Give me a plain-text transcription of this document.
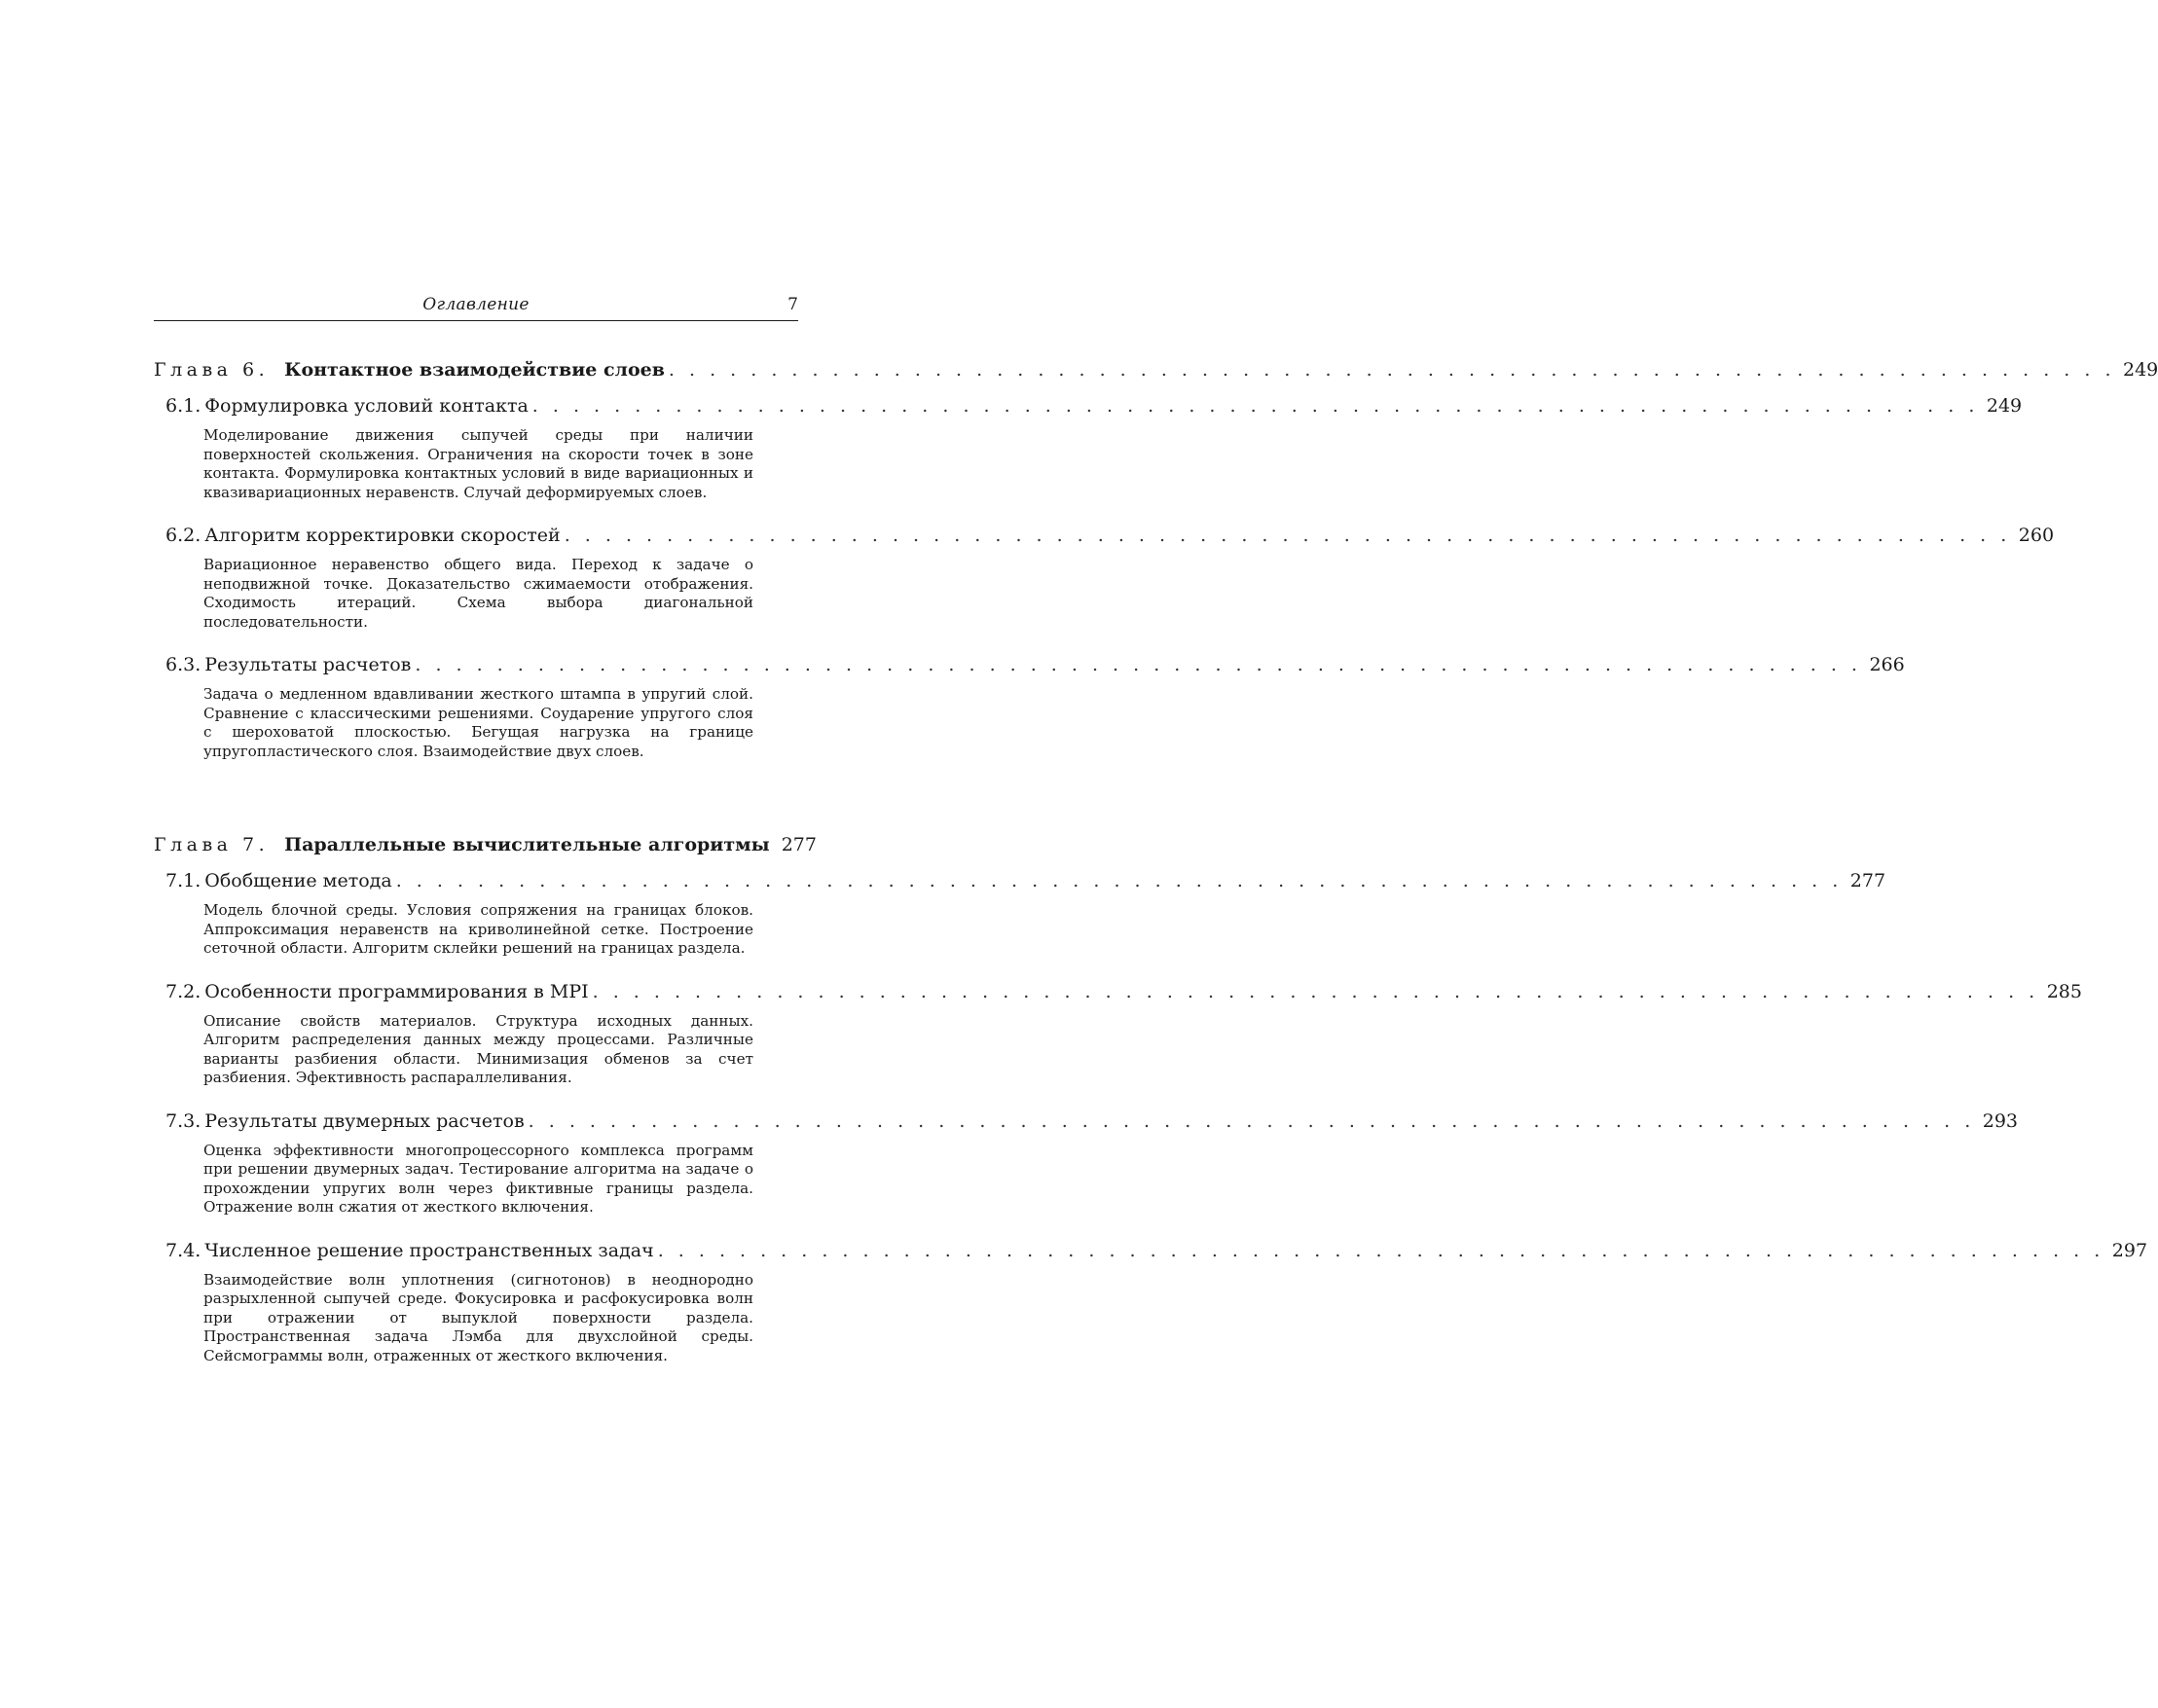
Оглавление	7
Глава 6. Контактное взаимодействие слоев . . . . . . . . . . . . . . . . . . . . . . . . . . . . . . . . . . . . . . . . . . . . . . . . . . . . . . . . . . . . . . . . . . . . . . . 249
6.1. Формулировка условий контакта . . . . . . . . . . . . . . . . . . . . . . . . . . . . . . . . . . . . . . . . . . . . . . . . . . . . . . . . . . . . . . . . . . . . . . . 249
Моделирование движения сыпучей среды при наличии поверхностей скольжения. Ограничения на скорости точек в зоне контакта. Формулировка контактных условий в виде вариационных и квазивариационных неравенств. Случай деформируемых слоев.
6.2. Алгоритм корректировки скоростей . . . . . . . . . . . . . . . . . . . . . . . . . . . . . . . . . . . . . . . . . . . . . . . . . . . . . . . . . . . . . . . . . . . . . . . 260
Вариационное неравенство общего вида. Переход к задаче о неподвижной точке. Доказательство сжимаемости отображения. Сходимость итераций. Схема выбора диагональной последовательности.
6.3. Результаты расчетов . . . . . . . . . . . . . . . . . . . . . . . . . . . . . . . . . . . . . . . . . . . . . . . . . . . . . . . . . . . . . . . . . . . . . . . 266
Задача о медленном вдавливании жесткого штампа в упругий слой. Сравнение с классическими решениями. Соударение упругого слоя с шероховатой плоскостью. Бегущая нагрузка на границе упругопластического слоя. Взаимодействие двух слоев.
Глава 7. Параллельные вычислительные алгоритмы 277
7.1. Обобщение метода . . . . . . . . . . . . . . . . . . . . . . . . . . . . . . . . . . . . . . . . . . . . . . . . . . . . . . . . . . . . . . . . . . . . . . . 277
Модель блочной среды. Условия сопряжения на границах блоков. Аппроксимация неравенств на криволинейной сетке. Построение сеточной области. Алгоритм склейки решений на границах раздела.
7.2. Особенности программирования в MPI . . . . . . . . . . . . . . . . . . . . . . . . . . . . . . . . . . . . . . . . . . . . . . . . . . . . . . . . . . . . . . . . . . . . . . . 285
Описание свойств материалов. Структура исходных данных. Алгоритм распределения данных между процессами. Различные варианты разбиения области. Минимизация обменов за счет разбиения. Эфективность распараллеливания.
7.3. Результаты двумерных расчетов . . . . . . . . . . . . . . . . . . . . . . . . . . . . . . . . . . . . . . . . . . . . . . . . . . . . . . . . . . . . . . . . . . . . . . . 293
Оценка эффективности многопроцессорного комплекса программ при решении двумерных задач. Тестирование алгоритма на задаче о прохождении упругих волн через фиктивные границы раздела. Отражение волн сжатия от жесткого включения.
7.4. Численное решение пространственных задач . . . . . . . . . . . . . . . . . . . . . . . . . . . . . . . . . . . . . . . . . . . . . . . . . . . . . . . . . . . . . . . . . . . . . . . 297
Взаимодействие волн уплотнения (сигнотонов) в неоднородно разрыхленной сыпучей среде. Фокусировка и расфокусировка волн при отражении от выпуклой поверхности раздела. Пространственная задача Лэмба для двухслойной среды. Сейсмограммы волн, отраженных от жесткого включения.
